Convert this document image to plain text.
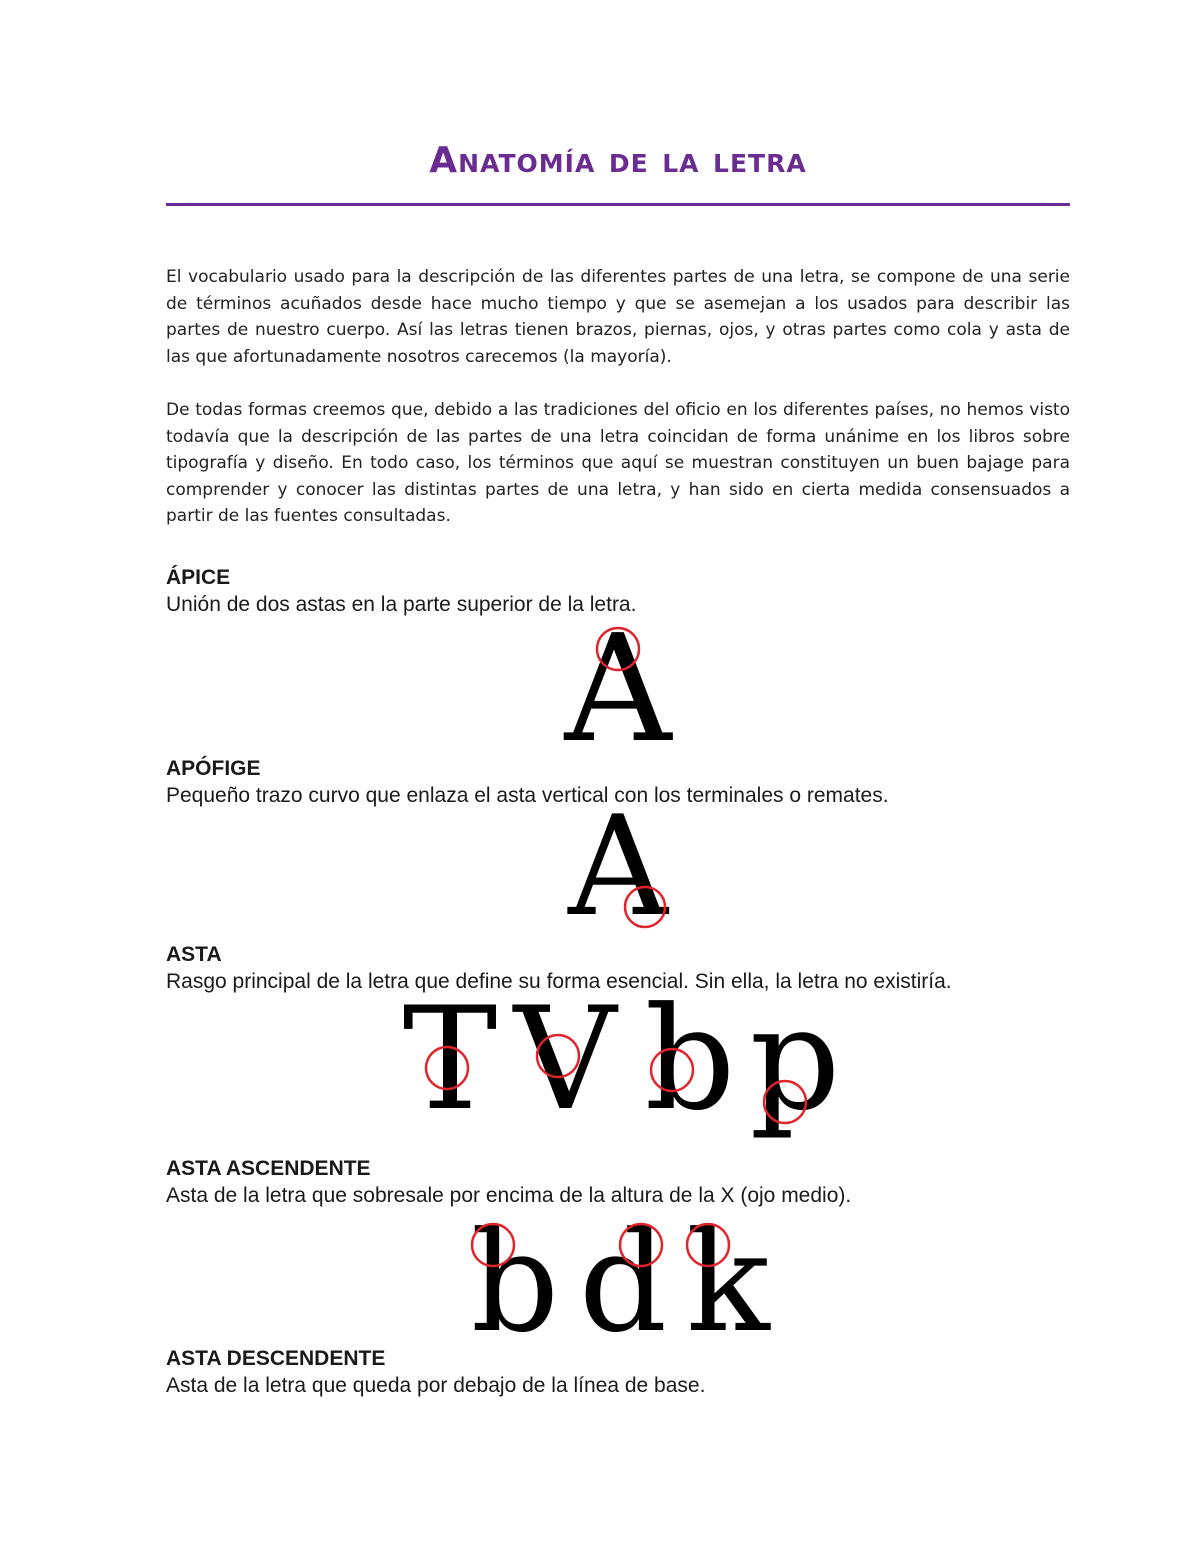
Anatomía de la letra

El vocabulario usado para la descripción de las diferentes partes de una letra, se compone de una serie de términos acuñados desde hace mucho tiempo y que se asemejan a los usados para describir las partes de nuestro cuerpo. Así las letras tienen brazos, piernas, ojos, y otras partes como cola y asta de las que afortunadamente nosotros carecemos (la mayoría).

De todas formas creemos que, debido a las tradiciones del oficio en los diferentes países, no hemos visto todavía que la descripción de las partes de una letra coincidan de forma unánime en los libros sobre tipografía y diseño. En todo caso, los términos que aquí se muestran constituyen un buen bajage para comprender y conocer las distintas partes de una letra, y han sido en cierta medida consensuados a partir de las fuentes consultadas.

ÁPICE

Unión de dos astas en la parte superior de la letra.

A
APÓFIGE

Pequeño trazo curvo que enlaza el asta vertical con los terminales o remates.

A
ASTA

Rasgo principal de la letra que define su forma esencial. Sin ella, la letra no existiría.

T V b p
ASTA ASCENDENTE

Asta de la letra que sobresale por encima de la altura de la X (ojo medio).

b d k
ASTA DESCENDENTE

Asta de la letra que queda por debajo de la línea de base.
